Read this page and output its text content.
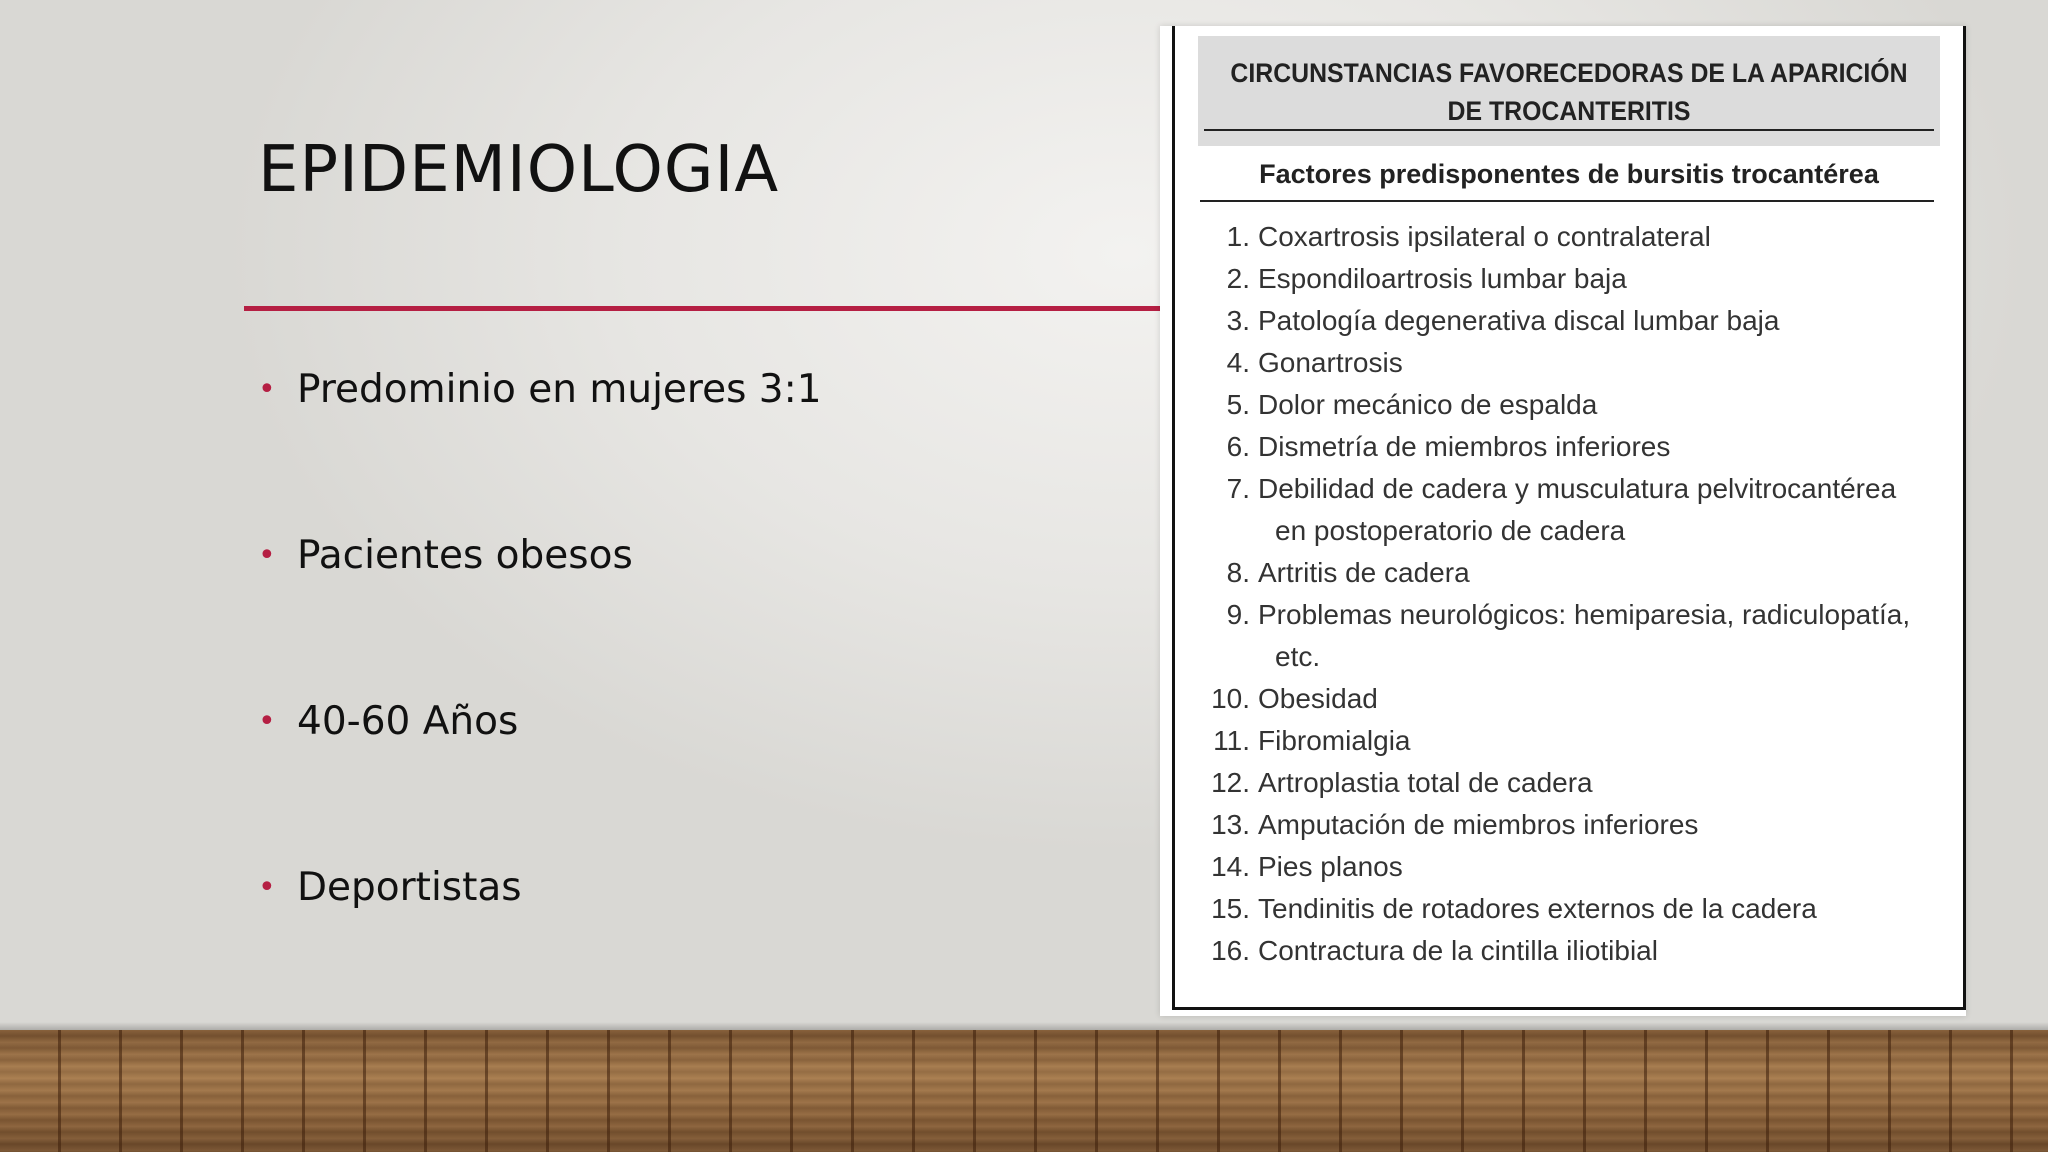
EPIDEMIOLOGIA
• Predominio en mujeres 3:1
• Pacientes obesos
• 40-60 Años
• Deportistas
CIRCUNSTANCIAS FAVORECEDORAS DE LA APARICIÓN
DE TROCANTERITIS
Factores predisponentes de bursitis trocantérea
1. Coxartrosis ipsilateral o contralateral
2. Espondiloartrosis lumbar baja
3. Patología degenerativa discal lumbar baja
4. Gonartrosis
5. Dolor mecánico de espalda
6. Dismetría de miembros inferiores
7. Debilidad de cadera y musculatura pelvitrocantérea
en postoperatorio de cadera
8. Artritis de cadera
9. Problemas neurológicos: hemiparesia, radiculopatía,
etc.
10. Obesidad
11. Fibromialgia
12. Artroplastia total de cadera
13. Amputación de miembros inferiores
14. Pies planos
15. Tendinitis de rotadores externos de la cadera
16. Contractura de la cintilla iliotibial
